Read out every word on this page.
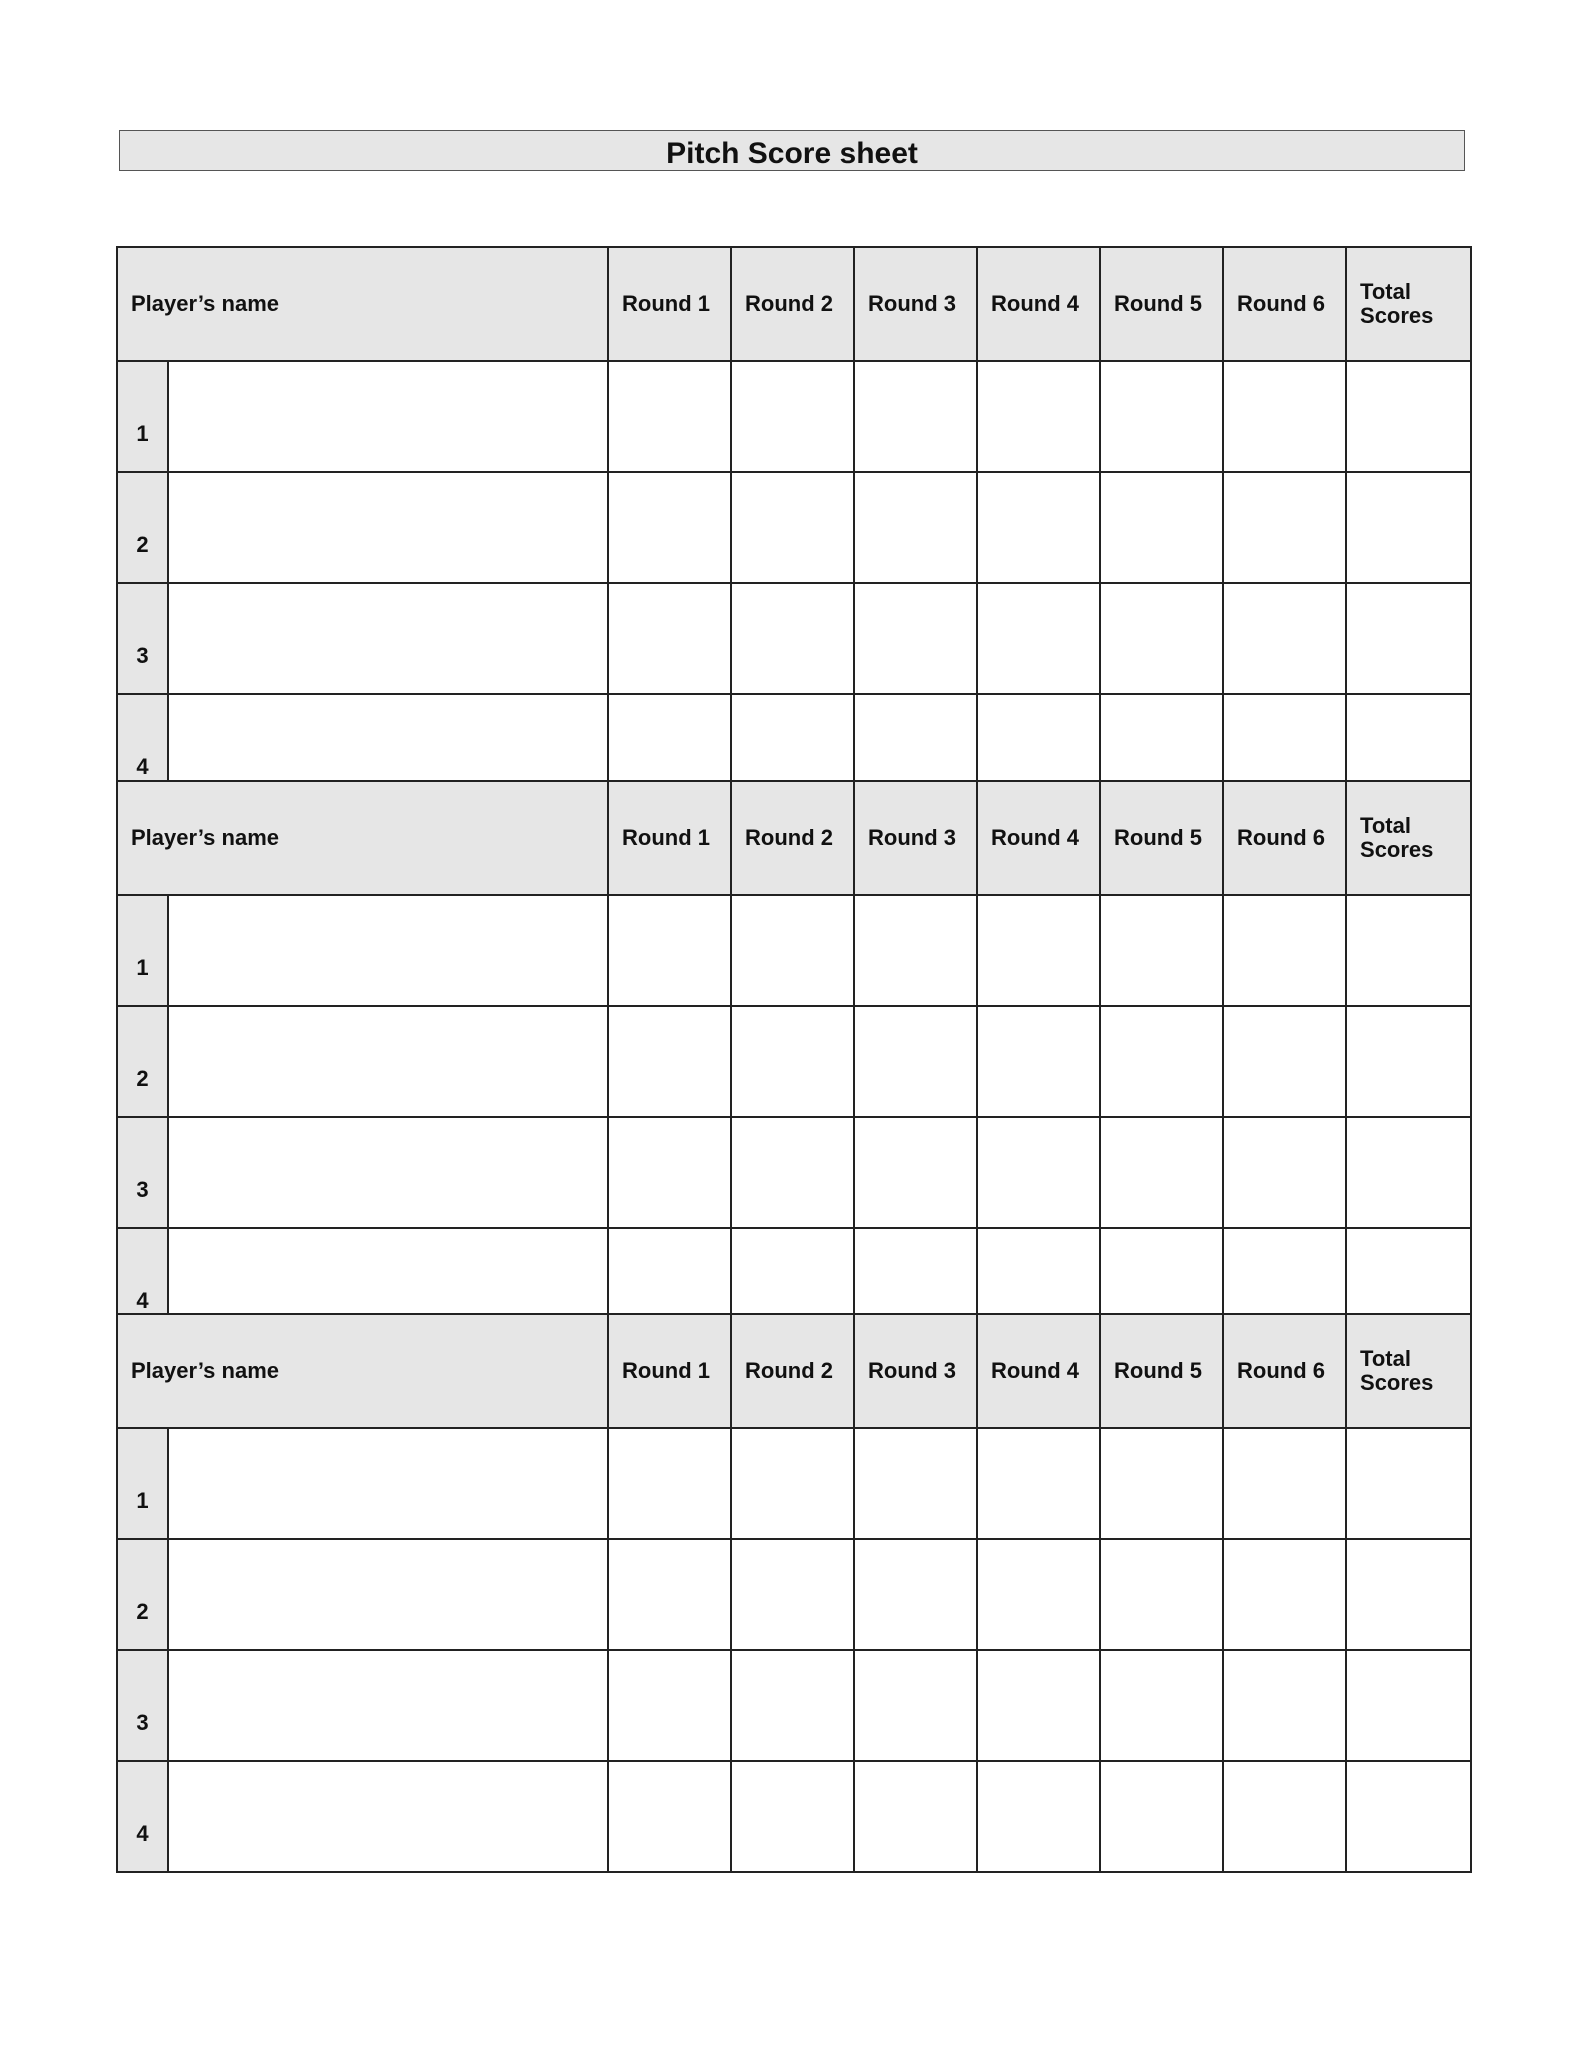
Pitch Score sheet
Player’s name		Round 1	Round 2	Round 3	Round 4	Round 5	Round 6	Total
Scores
1								
2								
3								
4								
Player’s name		Round 1	Round 2	Round 3	Round 4	Round 5	Round 6	Total
Scores
1								
2								
3								
4								
Player’s name		Round 1	Round 2	Round 3	Round 4	Round 5	Round 6	Total
Scores
1								
2								
3								
4								
